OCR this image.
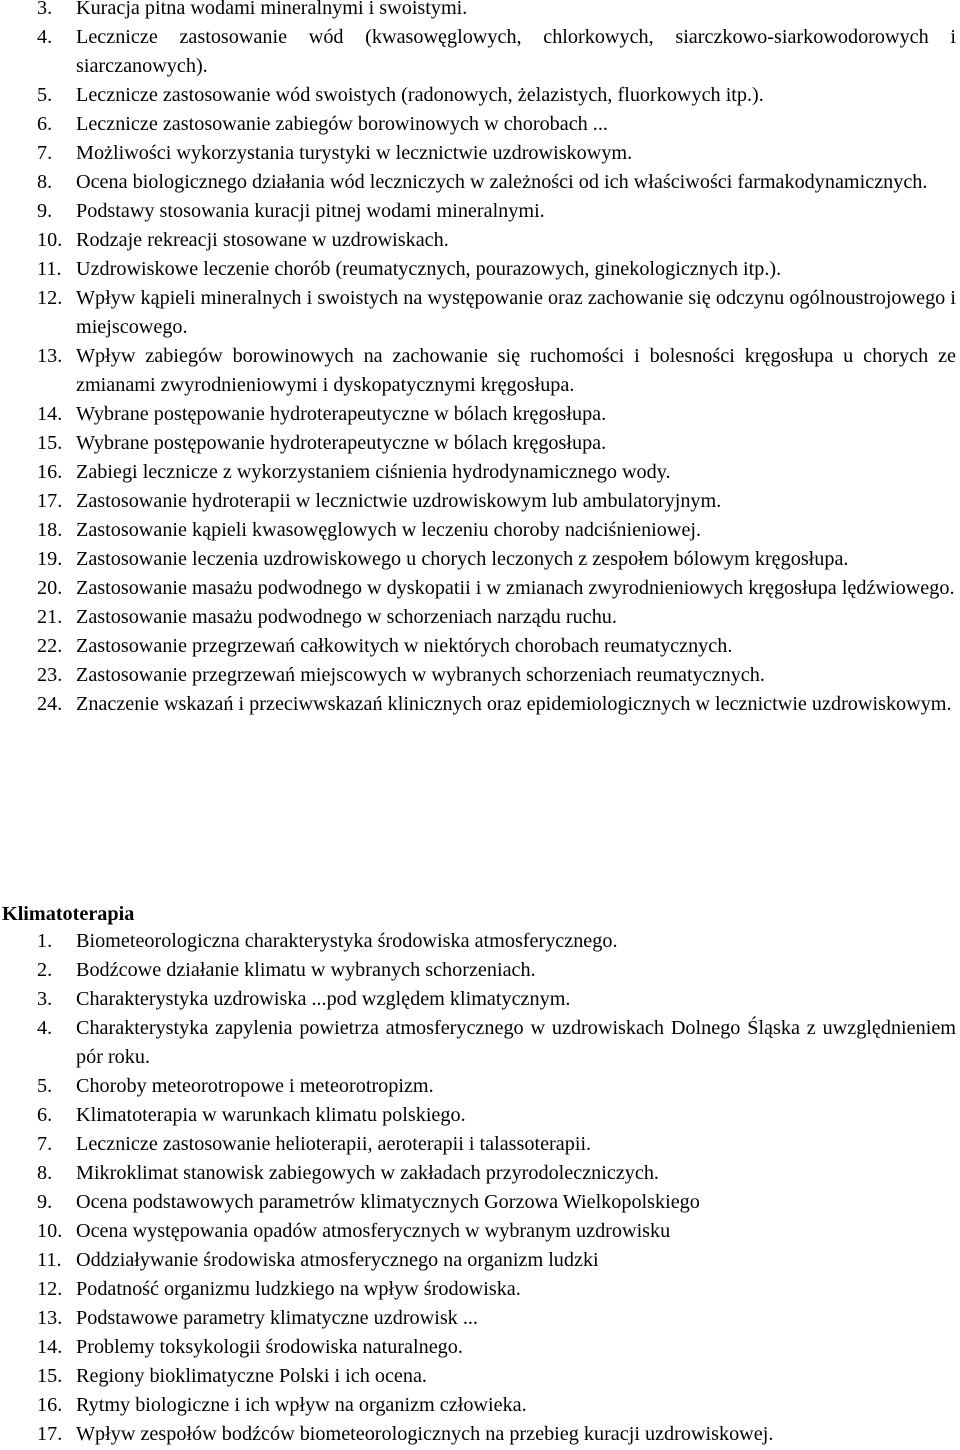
3. Kuracja pitna wodami mineralnymi i swoistymi.
4. Lecznicze zastosowanie wód (kwasowęglowych, chlorkowych, siarczkowo-siarkowodorowych i siarczanowych).
5. Lecznicze zastosowanie wód swoistych (radonowych, żelazistych, fluorkowych itp.).
6. Lecznicze zastosowanie zabiegów borowinowych w chorobach ...
7. Możliwości wykorzystania turystyki w lecznictwie uzdrowiskowym.
8. Ocena biologicznego działania wód leczniczych w zależności od ich właściwości farmakodynamicznych.
9. Podstawy stosowania kuracji pitnej wodami mineralnymi.
10. Rodzaje rekreacji stosowane w uzdrowiskach.
11. Uzdrowiskowe leczenie chorób (reumatycznych, pourazowych, ginekologicznych itp.).
12. Wpływ kąpieli mineralnych i swoistych na występowanie oraz zachowanie się odczynu ogólnoustrojowego i miejscowego.
13. Wpływ zabiegów borowinowych na zachowanie się ruchomości i bolesności kręgosłupa u chorych ze zmianami zwyrodnieniowymi i dyskopatycznymi kręgosłupa.
14. Wybrane postępowanie hydroterapeutyczne w bólach kręgosłupa.
15. Wybrane postępowanie hydroterapeutyczne w bólach kręgosłupa.
16. Zabiegi lecznicze z wykorzystaniem ciśnienia hydrodynamicznego wody.
17. Zastosowanie hydroterapii w lecznictwie uzdrowiskowym lub ambulatoryjnym.
18. Zastosowanie kąpieli kwasowęglowych w leczeniu choroby nadciśnieniowej.
19. Zastosowanie leczenia uzdrowiskowego u chorych leczonych z zespołem bólowym kręgosłupa.
20. Zastosowanie masażu podwodnego w dyskopatii i w zmianach zwyrodnieniowych kręgosłupa lędźwiowego.
21. Zastosowanie masażu podwodnego w schorzeniach narządu ruchu.
22. Zastosowanie przegrzewań całkowitych w niektórych chorobach reumatycznych.
23. Zastosowanie przegrzewań miejscowych w wybranych schorzeniach reumatycznych.
24. Znaczenie wskazań i przeciwwskazań klinicznych oraz epidemiologicznych w lecznictwie uzdrowiskowym.
Klimatoterapia
1. Biometeorologiczna charakterystyka środowiska atmosferycznego.
2. Bodźcowe działanie klimatu w wybranych schorzeniach.
3. Charakterystyka uzdrowiska ...pod względem klimatycznym.
4. Charakterystyka zapylenia powietrza atmosferycznego w uzdrowiskach Dolnego Śląska z uwzględnieniem pór roku.
5. Choroby meteorotropowe i meteorotropizm.
6. Klimatoterapia w warunkach klimatu polskiego.
7. Lecznicze zastosowanie helioterapii, aeroterapii i talassoterapii.
8. Mikroklimat stanowisk zabiegowych w zakładach przyrodoleczniczych.
9. Ocena podstawowych parametrów klimatycznych Gorzowa Wielkopolskiego
10. Ocena występowania opadów atmosferycznych w wybranym uzdrowisku
11. Oddziaływanie środowiska atmosferycznego na organizm ludzki
12. Podatność organizmu ludzkiego na wpływ środowiska.
13. Podstawowe parametry klimatyczne uzdrowisk ...
14. Problemy toksykologii środowiska naturalnego.
15. Regiony bioklimatyczne Polski i ich ocena.
16. Rytmy biologiczne i ich wpływ na organizm człowieka.
17. Wpływ zespołów bodźców biometeorologicznych na przebieg kuracji uzdrowiskowej.
